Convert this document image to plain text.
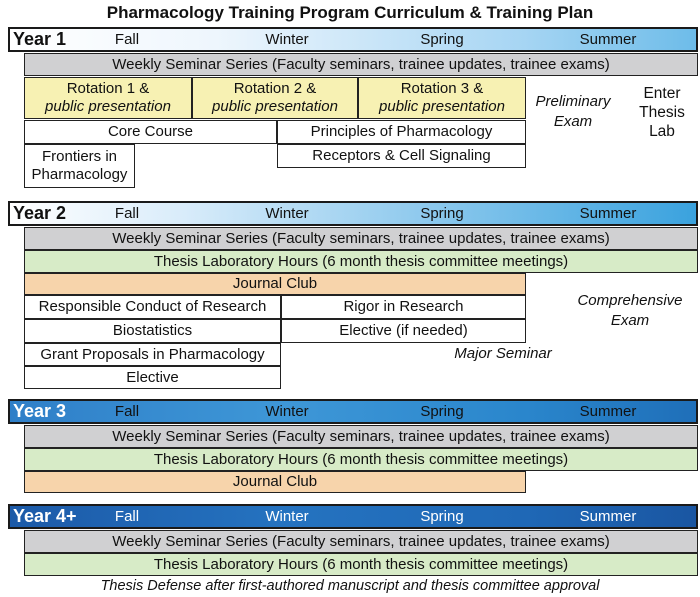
Pharmacology Training Program Curriculum & Training Plan
Year 1	Fall	Winter	Spring	Summer
Weekly Seminar Series (Faculty seminars, trainee updates, trainee exams)
Rotation 1 &
public presentation
Rotation 2 &
public presentation
Rotation 3 &
public presentation	Preliminary
Exam
Enter
Thesis
Lab
Core Course	Principles of Pharmacology
Receptors & Cell Signaling
Frontiers in
Pharmacology
Year 2	Fall	Winter	Spring	Summer
Weekly Seminar Series (Faculty seminars, trainee updates, trainee exams)
Thesis Laboratory Hours (6 month thesis committee meetings)
Journal Club
Responsible Conduct of Research	Rigor in Research
Biostatistics	Elective (if needed)
Grant Proposals in Pharmacology
Elective
Comprehensive
Exam
Major Seminar
Year 3	Fall	Winter	Spring	Summer
Weekly Seminar Series (Faculty seminars, trainee updates, trainee exams)
Thesis Laboratory Hours (6 month thesis committee meetings)
Journal Club
Year 4+	Fall	Winter	Spring	Summer
Weekly Seminar Series (Faculty seminars, trainee updates, trainee exams)
Thesis Laboratory Hours (6 month thesis committee meetings)
Thesis Defense after first-authored manuscript and thesis committee approval
